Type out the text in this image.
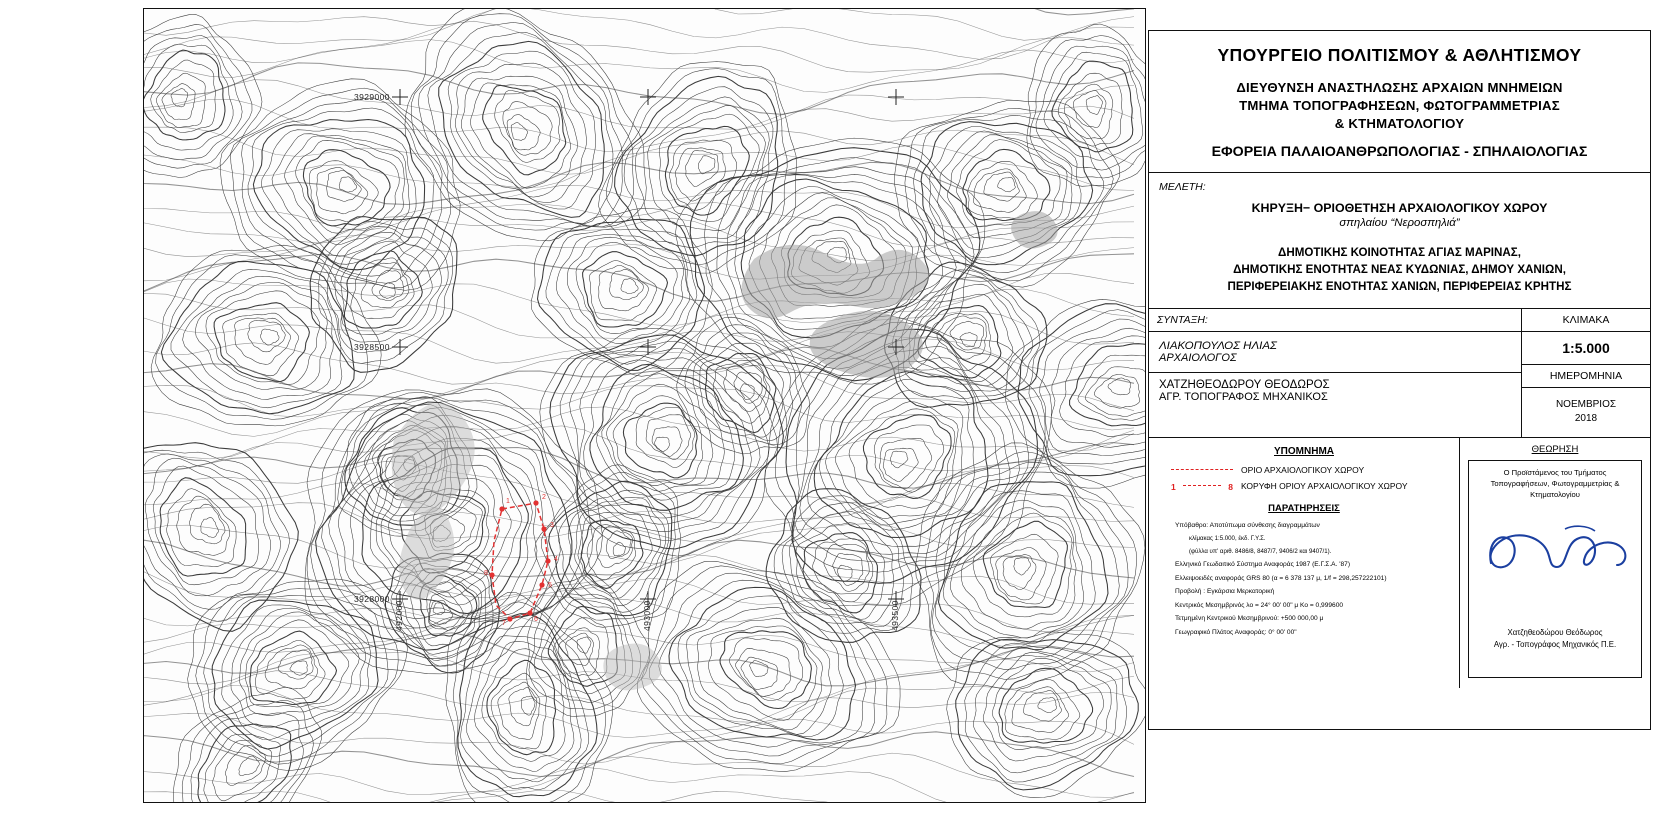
1
2
3
4
5
6
7
8
3929000
3928500
3928000
492000	493000	493500
ΥΠΟΥΡΓΕΙΟ ΠΟΛΙΤΙΣΜΟΥ & ΑΘΛΗΤΙΣΜΟΥ
ΔΙΕΥΘΥΝΣΗ ΑΝΑΣΤΗΛΩΣΗΣ ΑΡΧΑΙΩΝ ΜΝΗΜΕΙΩΝ
ΤΜΗΜΑ ΤΟΠΟΓΡΑΦΗΣΕΩΝ, ΦΩΤΟΓΡΑΜΜΕΤΡΙΑΣ
& ΚΤΗΜΑΤΟΛΟΓΙΟΥ
ΕΦΟΡΕΙΑ ΠΑΛΑΙΟΑΝΘΡΩΠΟΛΟΓΙΑΣ - ΣΠΗΛΑΙΟΛΟΓΙΑΣ
ΜΕΛΕΤΗ:
ΚΗΡΥΞΗ− ΟΡΙΟΘΕΤΗΣΗ ΑΡΧΑΙΟΛΟΓΙΚΟΥ ΧΩΡΟΥ
σπηλαίου “Νεροσπηλιά”
ΔΗΜΟΤΙΚΗΣ ΚΟΙΝΟΤΗΤΑΣ ΑΓΙΑΣ ΜΑΡΙΝΑΣ,
ΔΗΜΟΤΙΚΗΣ ΕΝΟΤΗΤΑΣ ΝΕΑΣ ΚΥΔΩΝΙΑΣ, ΔΗΜΟΥ ΧΑΝΙΩΝ,
ΠΕΡΙΦΕΡΕΙΑΚΗΣ ΕΝΟΤΗΤΑΣ ΧΑΝΙΩΝ, ΠΕΡΙΦΕΡΕΙΑΣ ΚΡΗΤΗΣ
ΣΥΝΤΑΞΗ:
ΛΙΑΚΟΠΟΥΛΟΣ ΗΛΙΑΣ
ΑΡΧΑΙΟΛΟΓΟΣ
ΧΑΤΖΗΘΕΟΔΩΡΟΥ ΘΕΟΔΩΡΟΣ
ΑΓΡ. ΤΟΠΟΓΡΑΦΟΣ ΜΗΧΑΝΙΚΟΣ
ΚΛΙΜΑΚΑ
1:5.000
ΗΜΕΡΟΜΗΝΙΑ
ΝΟΕΜΒΡΙΟΣ
2018
ΥΠΟΜΝΗΜΑ
ΟΡΙΟ ΑΡΧΑΙΟΛΟΓΙΚΟΥ ΧΩΡΟΥ
1	8 ΚΟΡΥΦΗ ΟΡΙΟΥ ΑΡΧΑΙΟΛΟΓΙΚΟΥ ΧΩΡΟΥ
ΠΑΡΑΤΗΡΗΣΕΙΣ
Υπόβαθρο: Αποτύπωμα σύνθεσης διαγραμμάτων
κλίμακας 1:5.000, έκδ. Γ.Υ.Σ.
(φύλλα υπ' αριθ. 8486/8, 8487/7, 9406/2 και 9407/1).
Ελληνικό Γεωδαιτικό Σύστημα Αναφοράς 1987 (Ε.Γ.Σ.Α. '87)
Ελλειψοειδές αναφοράς GRS 80 (α = 6 378 137 μ, 1/f = 298,257222101)
Προβολή : Εγκάρσια Μερκατορική
Κεντρικός Μεσημβρινός λο = 24° 00' 00" μ Κο = 0,999600
Τετμημένη Κεντρικού Μεσημβρινού: +500 000,00 μ
Γεωγραφικό Πλάτος Αναφοράς: 0° 00' 00"
ΘΕΩΡΗΣΗ
Ο Προϊστάμενος του Τμήματος
Τοπογραφήσεων, Φωτογραμμετρίας &
Κτηματολογίου
Χατζηθεοδώρου Θεόδωρος
Αγρ. - Τοπογράφος Μηχανικός Π.Ε.
